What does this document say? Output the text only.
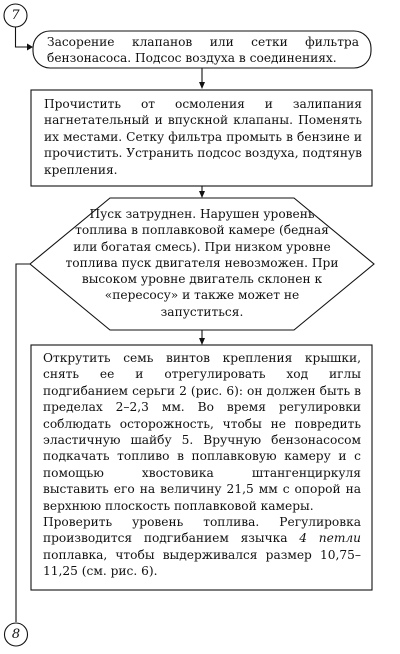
7
8
Засорение клапанов или сетки фильтра бензонасоса. Подсос воздуха в соединениях.
Прочистить от осмоления и залипания нагнетательный и впускной клапаны. Поменять их местами. Сетку фильтра промыть в бензине и прочистить. Устранить подсос воздуха, подтянув крепления.
Пуск затруднен. Нарушен уровень топлива в поплавковой камере (бедная или богатая смесь). При низком уровне топлива пуск двигателя невозможен. При высоком уровне двигатель склонен к «пересосу» и также может не запуститься.
Открутить семь винтов крепления крышки, снять ее и отрегулировать ход иглы подгибанием серьги 2 (рис. 6): он должен быть в пределах 2–2,3 мм. Во время регулировки соблюдать осторожность, чтобы не повредить эластичную шайбу 5. Вручную бензонасосом подкачать топливо в поплавковую камеру и с помощью хвостовика штангенциркуля выставить его на величину 21,5 мм с опорой на верхнюю плоскость поплавковой камеры.
Проверить уровень топлива. Регулировка производится подгибанием язычка 4 петли поплавка, чтобы выдерживался размер 10,75–11,25 (см. рис. 6).
